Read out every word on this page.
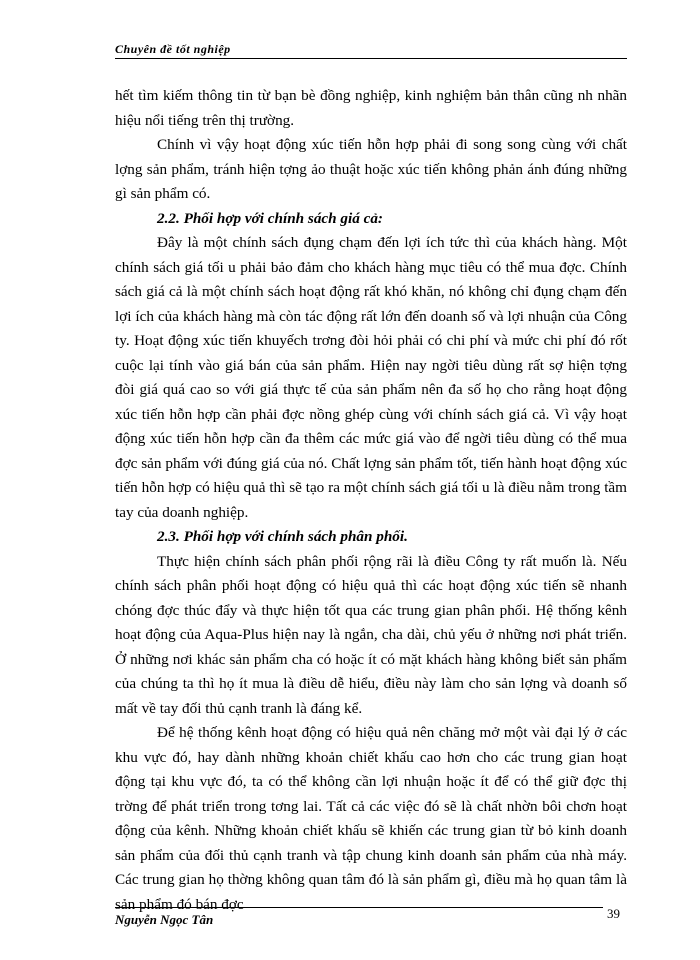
Chuyên đề tốt nghiệp

hết tìm kiếm thông tin từ bạn bè đồng nghiệp, kinh nghiệm bản thân cũng nh nhãn hiệu nổi tiếng trên thị trường.

Chính vì vậy hoạt động xúc tiến hỗn hợp phải đi song song cùng với chất lợng sản phẩm, tránh hiện tợng ảo thuật hoặc xúc tiến không phản ánh đúng những gì sản phẩm có.

2.2. Phối hợp với chính sách giá cả:

Đây là một chính sách đụng chạm đến lợi ích tức thì của khách hàng. Một chính sách giá tối u phải bảo đảm cho khách hàng mục tiêu có thể mua đợc. Chính sách giá cả là một chính sách hoạt động rất khó khăn, nó không chỉ đụng chạm đến lợi ích của khách hàng mà còn tác động rất lớn đến doanh số và lợi nhuận của Công ty. Hoạt động xúc tiến khuyếch trơng đòi hỏi phải có chi phí và mức chi phí đó rốt cuộc lại tính vào giá bán của sản phẩm. Hiện nay ngời tiêu dùng rất sợ hiện tợng đòi giá quá cao so với giá thực tế của sản phẩm nên đa số họ cho rằng hoạt động xúc tiến hỗn hợp cần phải đợc nồng ghép cùng với chính sách giá cả. Vì vậy hoạt động xúc tiến hỗn hợp cần đa thêm các mức giá vào để ngời tiêu dùng có thể mua đợc sản phẩm với đúng giá của nó. Chất lợng sản phẩm tốt, tiến hành hoạt động xúc tiến hỗn hợp có hiệu quả thì sẽ tạo ra một chính sách giá tối u là điều nằm trong tầm tay của doanh nghiệp.

2.3. Phối hợp với chính sách phân phối.

Thực hiện chính sách phân phối rộng rãi là điều Công ty rất muốn là. Nếu chính sách phân phối hoạt động có hiệu quả thì các hoạt động xúc tiến sẽ nhanh chóng đợc thúc đẩy và thực hiện tốt qua các trung gian phân phối. Hệ thống kênh hoạt động của Aqua-Plus hiện nay là ngắn, cha dài, chủ yếu ở những nơi phát triển. Ở những nơi khác sản phẩm cha có hoặc ít có mặt khách hàng không biết sản phẩm của chúng ta thì họ ít mua là điều dễ hiểu, điều này làm cho sản lợng và doanh số mất về tay đối thủ cạnh tranh là đáng kể.

Để hệ thống kênh hoạt động có hiệu quả nên chăng mở một vài đại lý ở các khu vực đó, hay dành những khoản chiết khấu cao hơn cho các trung gian hoạt động tại khu vực đó, ta có thể không cần lợi nhuận hoặc ít để có thể giữ đợc thị trờng để phát triển trong tơng lai. Tất cả các việc đó sẽ là chất nhờn bôi chơn hoạt động của kênh. Những khoản chiết khấu sẽ khiến các trung gian từ bỏ kinh doanh sản phẩm của đối thủ cạnh tranh và tập chung kinh doanh sản phẩm của nhà máy. Các trung gian họ thờng không quan tâm đó là sản phẩm gì, điều mà họ quan tâm là sản phẩm đó bán đợc

Nguyễn Ngọc Tân	39
